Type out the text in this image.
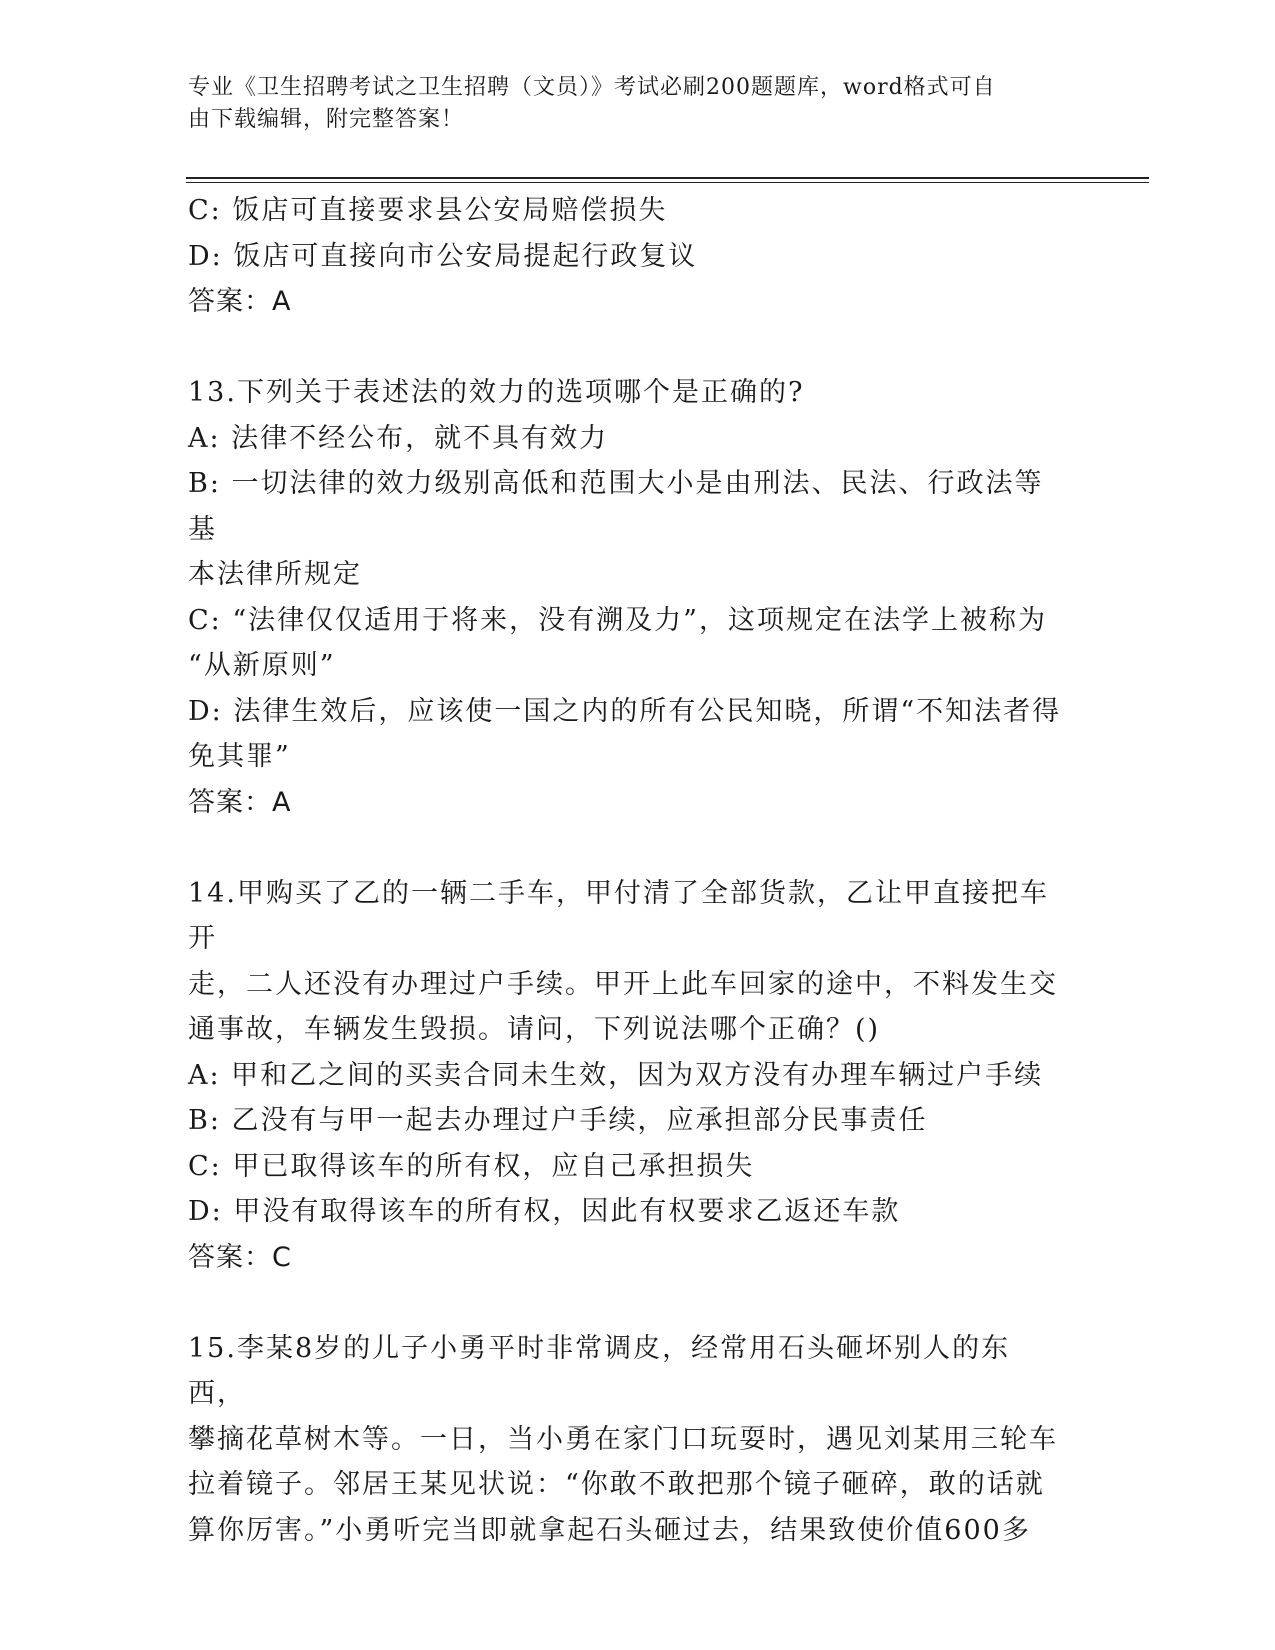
专业《卫生招聘考试之卫生招聘（文员）》考试必刷200题题库，word格式可自
由下载编辑，附完整答案！
C: 饭店可直接要求县公安局赔偿损失
D: 饭店可直接向市公安局提起行政复议
答案：A
13.下列关于表述法的效力的选项哪个是正确的?
A: 法律不经公布，就不具有效力
B: 一切法律的效力级别高低和范围大小是由刑法、民法、行政法等基
本法律所规定
C: “法律仅仅适用于将来，没有溯及力”，这项规定在法学上被称为
“从新原则”
D: 法律生效后，应该使一国之内的所有公民知晓，所谓“不知法者得
免其罪”
答案：A
14.甲购买了乙的一辆二手车，甲付清了全部货款，乙让甲直接把车开
走，二人还没有办理过户手续。甲开上此车回家的途中，不料发生交
通事故，车辆发生毁损。请问，下列说法哪个正确？()
A: 甲和乙之间的买卖合同未生效，因为双方没有办理车辆过户手续
B: 乙没有与甲一起去办理过户手续，应承担部分民事责任
C: 甲已取得该车的所有权，应自己承担损失
D: 甲没有取得该车的所有权，因此有权要求乙返还车款
答案：C
15.李某8岁的儿子小勇平时非常调皮，经常用石头砸坏别人的东西，
攀摘花草树木等。一日，当小勇在家门口玩耍时，遇见刘某用三轮车
拉着镜子。邻居王某见状说：“你敢不敢把那个镜子砸碎，敢的话就
算你厉害。”小勇听完当即就拿起石头砸过去，结果致使价值600多
